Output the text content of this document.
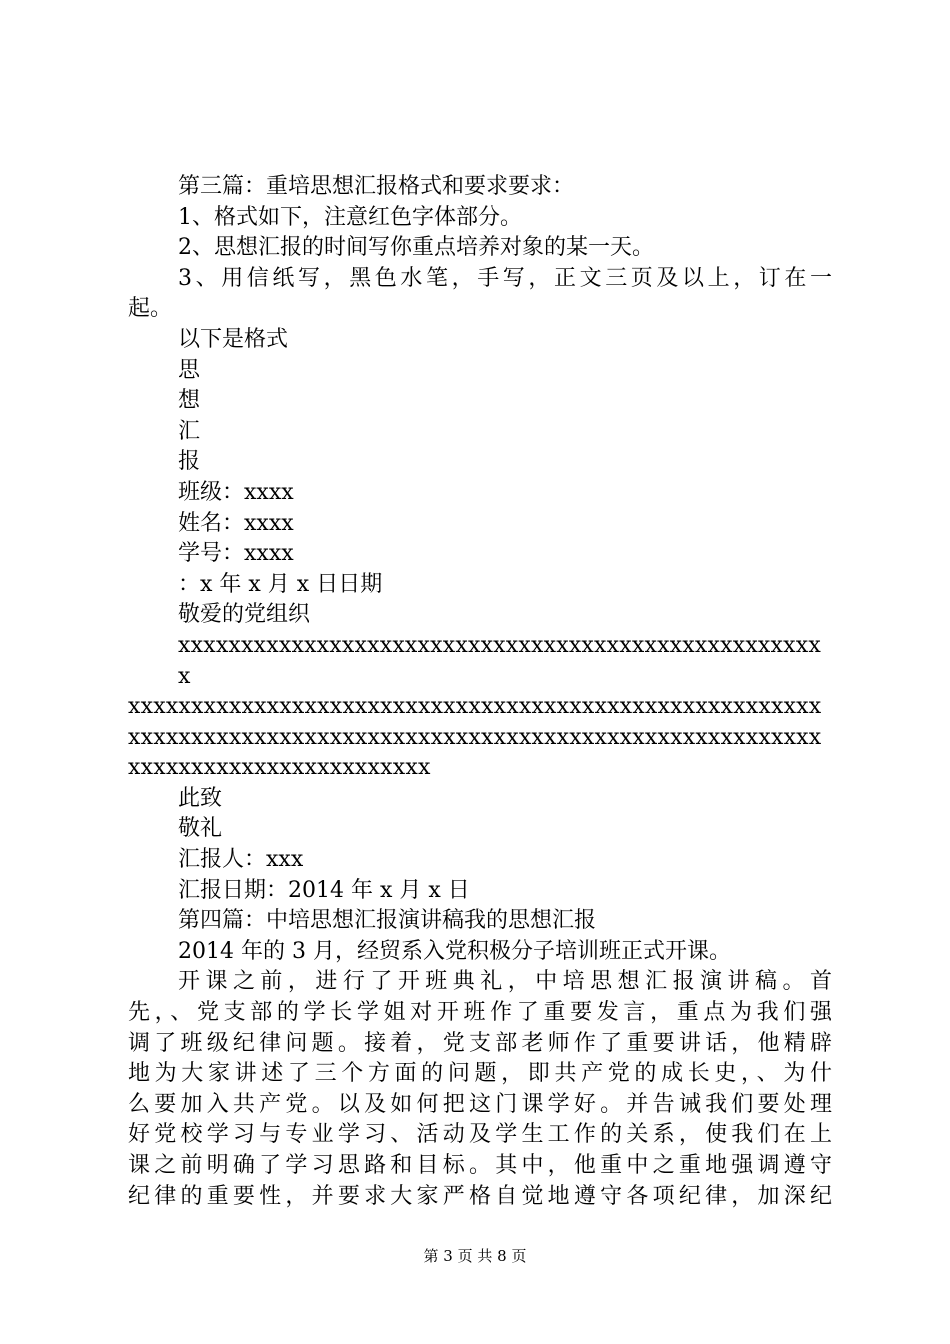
第三篇：重培思想汇报格式和要求要求：

1、格式如下，注意红色字体部分。

2、思想汇报的时间写你重点培养对象的某一天。

3、用信纸写，黑色水笔，手写，正文三页及以上，订在一

起。

以下是格式

思

想

汇

报

班级：xxxx

姓名：xxxx

学号：xxxx

：x 年 x 月 x 日日期

敬爱的党组织

xxxxxxxxxxxxxxxxxxxxxxxxxxxxxxxxxxxxxxxxxxxxxxxxxxxx

xxxxxxxxxxxxxxxxxxxxxxxxxxxxxxxxxxxxxxxxxxxxxxxxxxxxxxx

xxxxxxxxxxxxxxxxxxxxxxxxxxxxxxxxxxxxxxxxxxxxxxxxxxxxxxx

xxxxxxxxxxxxxxxxxxxxxxxx

此致

敬礼

汇报人：xxx

汇报日期：2014 年 x 月 x 日

第四篇：中培思想汇报演讲稿我的思想汇报

2014 年的 3 月，经贸系入党积极分子培训班正式开课。

开课之前，进行了开班典礼，中培思想汇报演讲稿。首

先，、党支部的学长学姐对开班作了重要发言，重点为我们强

调了班级纪律问题。接着，党支部老师作了重要讲话，他精辟

地为大家讲述了三个方面的问题，即共产党的成长史，、为什

么要加入共产党。以及如何把这门课学好。并告诫我们要处理

好党校学习与专业学习、活动及学生工作的关系，使我们在上

课之前明确了学习思路和目标。其中，他重中之重地强调遵守

纪律的重要性，并要求大家严格自觉地遵守各项纪律，加深纪

第 3 页 共 8 页
